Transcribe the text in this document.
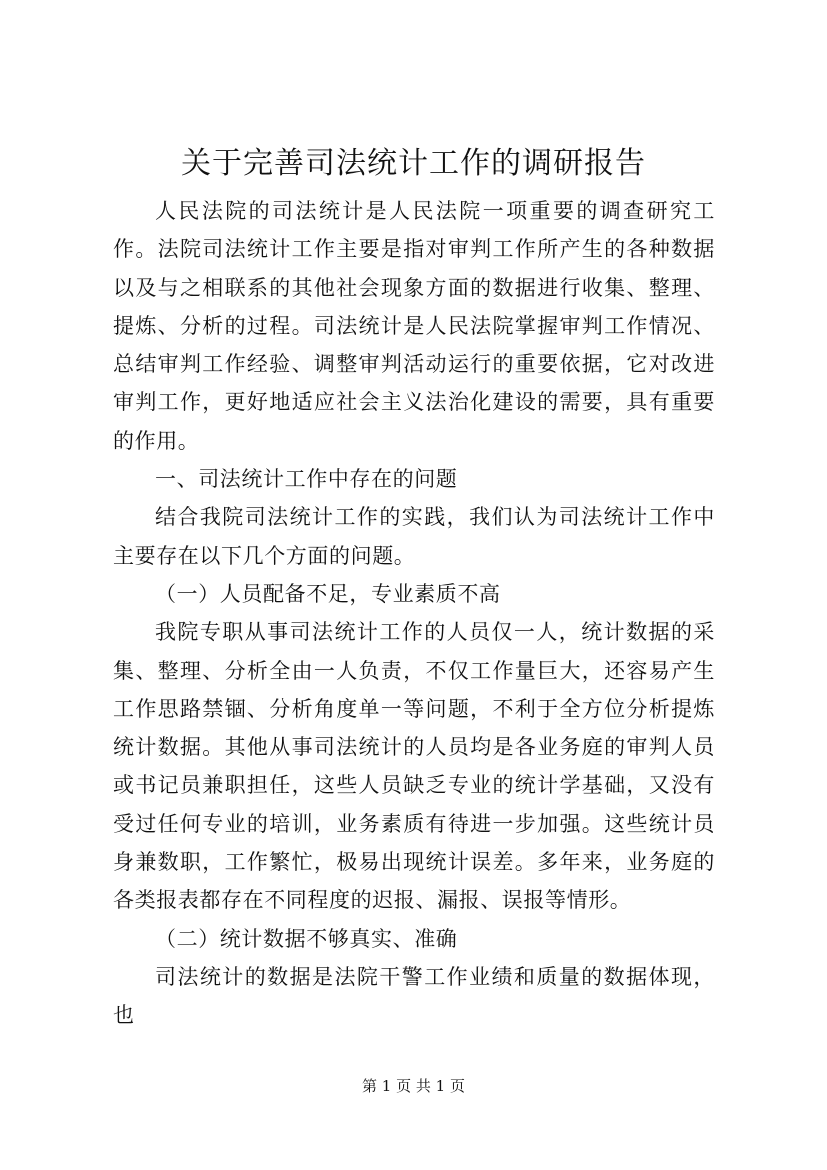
关于完善司法统计工作的调研报告

人民法院的司法统计是人民法院一项重要的调查研究工作。法院司法统计工作主要是指对审判工作所产生的各种数据以及与之相联系的其他社会现象方面的数据进行收集、整理、提炼、分析的过程。司法统计是人民法院掌握审判工作情况、总结审判工作经验、调整审判活动运行的重要依据，它对改进审判工作，更好地适应社会主义法治化建设的需要，具有重要的作用。

一、司法统计工作中存在的问题

结合我院司法统计工作的实践，我们认为司法统计工作中主要存在以下几个方面的问题。

（一）人员配备不足，专业素质不高

我院专职从事司法统计工作的人员仅一人，统计数据的采集、整理、分析全由一人负责，不仅工作量巨大，还容易产生工作思路禁锢、分析角度单一等问题，不利于全方位分析提炼统计数据。其他从事司法统计的人员均是各业务庭的审判人员或书记员兼职担任，这些人员缺乏专业的统计学基础，又没有受过任何专业的培训，业务素质有待进一步加强。这些统计员身兼数职，工作繁忙，极易出现统计误差。多年来，业务庭的各类报表都存在不同程度的迟报、漏报、误报等情形。

（二）统计数据不够真实、准确

司法统计的数据是法院干警工作业绩和质量的数据体现，也

第 1 页 共 1 页
